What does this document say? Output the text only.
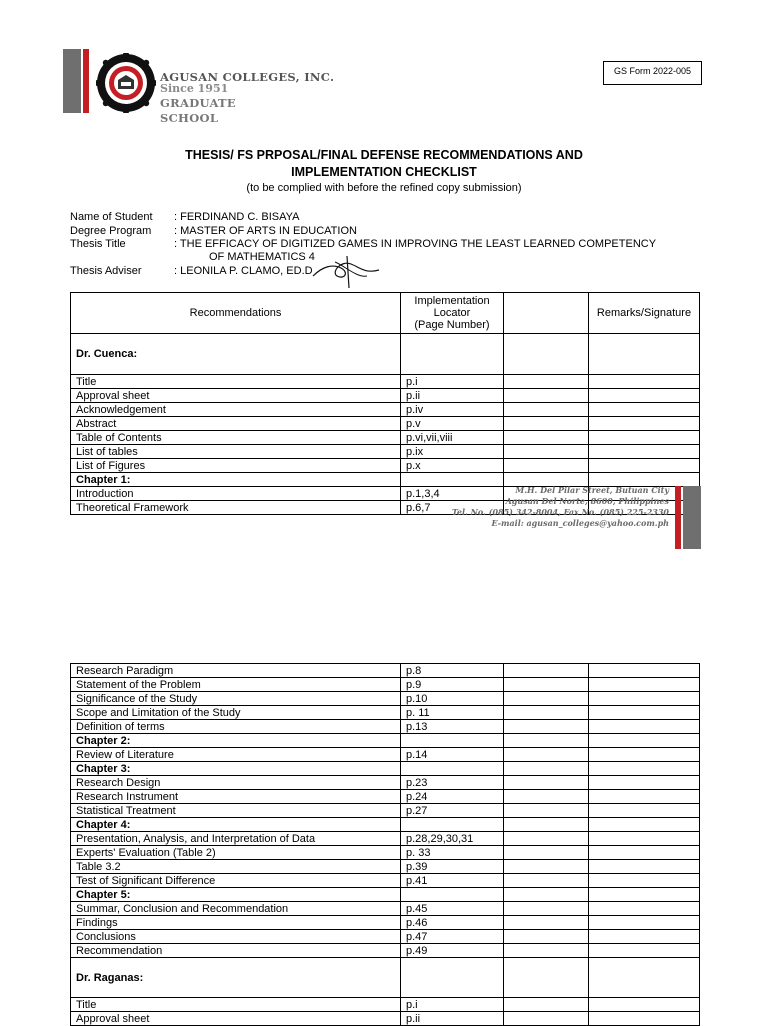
AGUSAN COLLEGES, INC.
Since 1951
GRADUATE
SCHOOL
GS Form 2022-005
THESIS/ FS PRPOSAL/FINAL DEFENSE RECOMMENDATIONS AND
IMPLEMENTATION CHECKLIST
(to be complied with before the refined copy submission)
Name of Student : FERDINAND C. BISAYA
Degree Program : MASTER OF ARTS IN EDUCATION
Thesis Title	: THE EFFICACY OF DIGITIZED GAMES IN IMPROVING THE LEAST LEARNED COMPETENCY
OF MATHEMATICS 4
Thesis Adviser	: LEONILA P. CLAMO, ED.D
Recommendations	Implementation
Locator
(Page Number)		Remarks/Signature
Dr. Cuenca:			
Title	p.i		
Approval sheet	p.ii		
Acknowledgement	p.iv		
Abstract	p.v		
Table of Contents	p.vi,vii,viii		
List of tables	p.ix		
List of Figures	p.x		
Chapter 1:			
Introduction	p.1,3,4		
Theoretical Framework	p.6,7		
M.H. Del Pilar Street, Butuan City
Agusan Del Norte, 8600, Philippines
Tel. No. (085) 342-8004, Fax No. (085) 225-2330
E-mail: agusan_colleges@yahoo.com.ph
Research Paradigm	p.8		
Statement of the Problem	p.9		
Significance of the Study	p.10		
Scope and Limitation of the Study	p. 11		
Definition of terms	p.13		
Chapter 2:			
Review of Literature	p.14		
Chapter 3:			
Research Design	p.23		
Research Instrument	p.24		
Statistical Treatment	p.27		
Chapter 4:			
Presentation, Analysis, and Interpretation of Data	p.28,29,30,31		
Experts' Evaluation (Table 2)	p. 33		
Table 3.2	p.39		
Test of Significant Difference	p.41		
Chapter 5:			
Summar, Conclusion and Recommendation	p.45		
Findings	p.46		
Conclusions	p.47		
Recommendation	p.49		
Dr. Raganas:			
Title	p.i		
Approval sheet	p.ii		
